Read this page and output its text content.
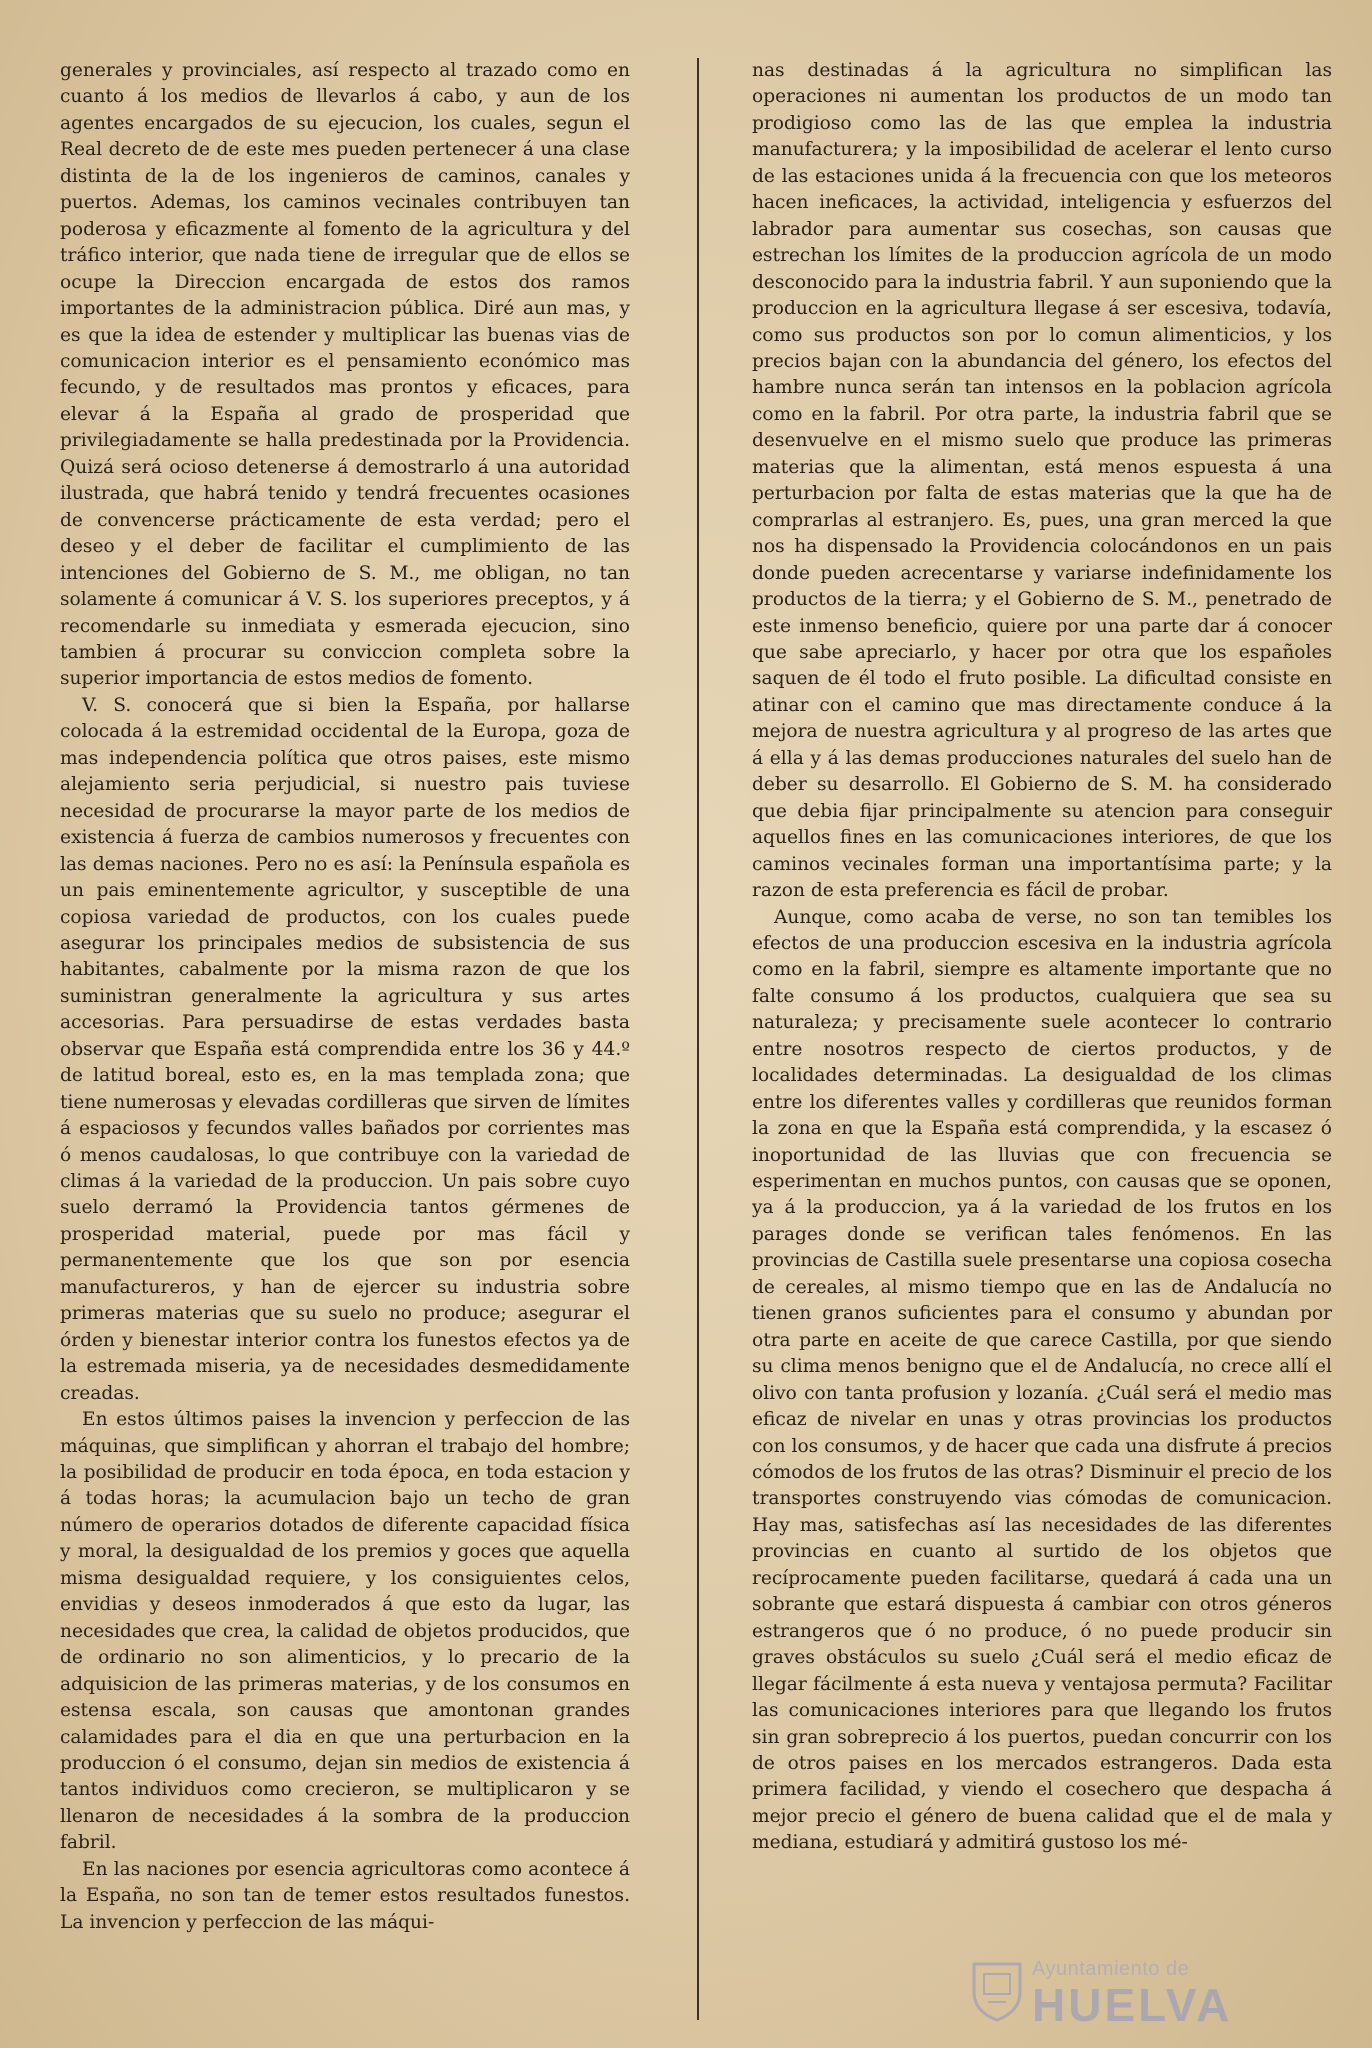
generales y provinciales, así respecto al trazado como en cuanto á los medios de llevarlos á cabo, y aun de los agentes encargados de su ejecucion, los cuales, segun el Real decreto de de este mes pueden pertenecer á una clase distinta de la de los ingenieros de caminos, canales y puertos. Ademas, los caminos vecinales contribuyen tan poderosa y eficazmente al fomento de la agricultura y del tráfico interior, que nada tiene de irregular que de ellos se ocupe la Direccion encargada de estos dos ramos importantes de la administracion pública. Diré aun mas, y es que la idea de estender y multiplicar las buenas vias de comunicacion interior es el pensamiento económico mas fecundo, y de resultados mas prontos y eficaces, para elevar á la España al grado de prosperidad que privilegiadamente se halla predestinada por la Providencia. Quizá será ocioso detenerse á demostrarlo á una autoridad ilustrada, que habrá tenido y tendrá frecuentes ocasiones de convencerse prácticamente de esta verdad; pero el deseo y el deber de facilitar el cumplimiento de las intenciones del Gobierno de S. M., me obligan, no tan solamente á comunicar á V. S. los superiores preceptos, y á recomendarle su inmediata y esmerada ejecucion, sino tambien á procurar su conviccion completa sobre la superior importancia de estos medios de fomento.

V. S. conocerá que si bien la España, por hallarse colocada á la estremidad occidental de la Europa, goza de mas independencia política que otros paises, este mismo alejamiento seria perjudicial, si nuestro pais tuviese necesidad de procurarse la mayor parte de los medios de existencia á fuerza de cambios numerosos y frecuentes con las demas naciones. Pero no es así: la Península española es un pais eminentemente agricultor, y susceptible de una copiosa variedad de productos, con los cuales puede asegurar los principales medios de subsistencia de sus habitantes, cabalmente por la misma razon de que los suministran generalmente la agricultura y sus artes accesorias. Para persuadirse de estas verdades basta observar que España está comprendida entre los 36 y 44.º de latitud boreal, esto es, en la mas templada zona; que tiene numerosas y elevadas cordilleras que sirven de límites á espaciosos y fecundos valles bañados por corrientes mas ó menos caudalosas, lo que contribuye con la variedad de climas á la variedad de la produccion. Un pais sobre cuyo suelo derramó la Providencia tantos gérmenes de prosperidad material, puede por mas fácil y permanentemente que los que son por esencia manufactureros, y han de ejercer su industria sobre primeras materias que su suelo no produce; asegurar el órden y bienestar interior contra los funestos efectos ya de la estremada miseria, ya de necesidades desmedidamente creadas.

En estos últimos paises la invencion y perfeccion de las máquinas, que simplifican y ahorran el trabajo del hombre; la posibilidad de producir en toda época, en toda estacion y á todas horas; la acumulacion bajo un techo de gran número de operarios dotados de diferente capacidad física y moral, la desigualdad de los premios y goces que aquella misma desigualdad requiere, y los consiguientes celos, envidias y deseos inmoderados á que esto da lugar, las necesidades que crea, la calidad de objetos producidos, que de ordinario no son alimenticios, y lo precario de la adquisicion de las primeras materias, y de los consumos en estensa escala, son causas que amontonan grandes calamidades para el dia en que una perturbacion en la produccion ó el consumo, dejan sin medios de existencia á tantos individuos como crecieron, se multiplicaron y se llenaron de necesidades á la sombra de la produccion fabril.

En las naciones por esencia agricultoras como acontece á la España, no son tan de temer estos resultados funestos. La invencion y perfeccion de las máqui-

nas destinadas á la agricultura no simplifican las operaciones ni aumentan los productos de un modo tan prodigioso como las de las que emplea la industria manufacturera; y la imposibilidad de acelerar el lento curso de las estaciones unida á la frecuencia con que los meteoros hacen ineficaces, la actividad, inteligencia y esfuerzos del labrador para aumentar sus cosechas, son causas que estrechan los límites de la produccion agrícola de un modo desconocido para la industria fabril. Y aun suponiendo que la produccion en la agricultura llegase á ser escesiva, todavía, como sus productos son por lo comun alimenticios, y los precios bajan con la abundancia del género, los efectos del hambre nunca serán tan intensos en la poblacion agrícola como en la fabril. Por otra parte, la industria fabril que se desenvuelve en el mismo suelo que produce las primeras materias que la alimentan, está menos espuesta á una perturbacion por falta de estas materias que la que ha de comprarlas al estranjero. Es, pues, una gran merced la que nos ha dispensado la Providencia colocándonos en un pais donde pueden acrecentarse y variarse indefinidamente los productos de la tierra; y el Gobierno de S. M., penetrado de este inmenso beneficio, quiere por una parte dar á conocer que sabe apreciarlo, y hacer por otra que los españoles saquen de él todo el fruto posible. La dificultad consiste en atinar con el camino que mas directamente conduce á la mejora de nuestra agricultura y al progreso de las artes que á ella y á las demas producciones naturales del suelo han de deber su desarrollo. El Gobierno de S. M. ha considerado que debia fijar principalmente su atencion para conseguir aquellos fines en las comunicaciones interiores, de que los caminos vecinales forman una importantísima parte; y la razon de esta preferencia es fácil de probar.

Aunque, como acaba de verse, no son tan temibles los efectos de una produccion escesiva en la industria agrícola como en la fabril, siempre es altamente importante que no falte consumo á los productos, cualquiera que sea su naturaleza; y precisamente suele acontecer lo contrario entre nosotros respecto de ciertos productos, y de localidades determinadas. La desigualdad de los climas entre los diferentes valles y cordilleras que reunidos forman la zona en que la España está comprendida, y la escasez ó inoportunidad de las lluvias que con frecuencia se esperimentan en muchos puntos, con causas que se oponen, ya á la produccion, ya á la variedad de los frutos en los parages donde se verifican tales fenómenos. En las provincias de Castilla suele presentarse una copiosa cosecha de cereales, al mismo tiempo que en las de Andalucía no tienen granos suficientes para el consumo y abundan por otra parte en aceite de que carece Castilla, por que siendo su clima menos benigno que el de Andalucía, no crece allí el olivo con tanta profusion y lozanía. ¿Cuál será el medio mas eficaz de nivelar en unas y otras provincias los productos con los consumos, y de hacer que cada una disfrute á precios cómodos de los frutos de las otras? Disminuir el precio de los transportes construyendo vias cómodas de comunicacion. Hay mas, satisfechas así las necesidades de las diferentes provincias en cuanto al surtido de los objetos que recíprocamente pueden facilitarse, quedará á cada una un sobrante que estará dispuesta á cambiar con otros géneros estrangeros que ó no produce, ó no puede producir sin graves obstáculos su suelo ¿Cuál será el medio eficaz de llegar fácilmente á esta nueva y ventajosa permuta? Facilitar las comunicaciones interiores para que llegando los frutos sin gran sobreprecio á los puertos, puedan concurrir con los de otros paises en los mercados estrangeros. Dada esta primera facilidad, y viendo el cosechero que despacha á mejor precio el género de buena calidad que el de mala y mediana, estudiará y admitirá gustoso los mé-

Ayuntamiento de
HUELVA
